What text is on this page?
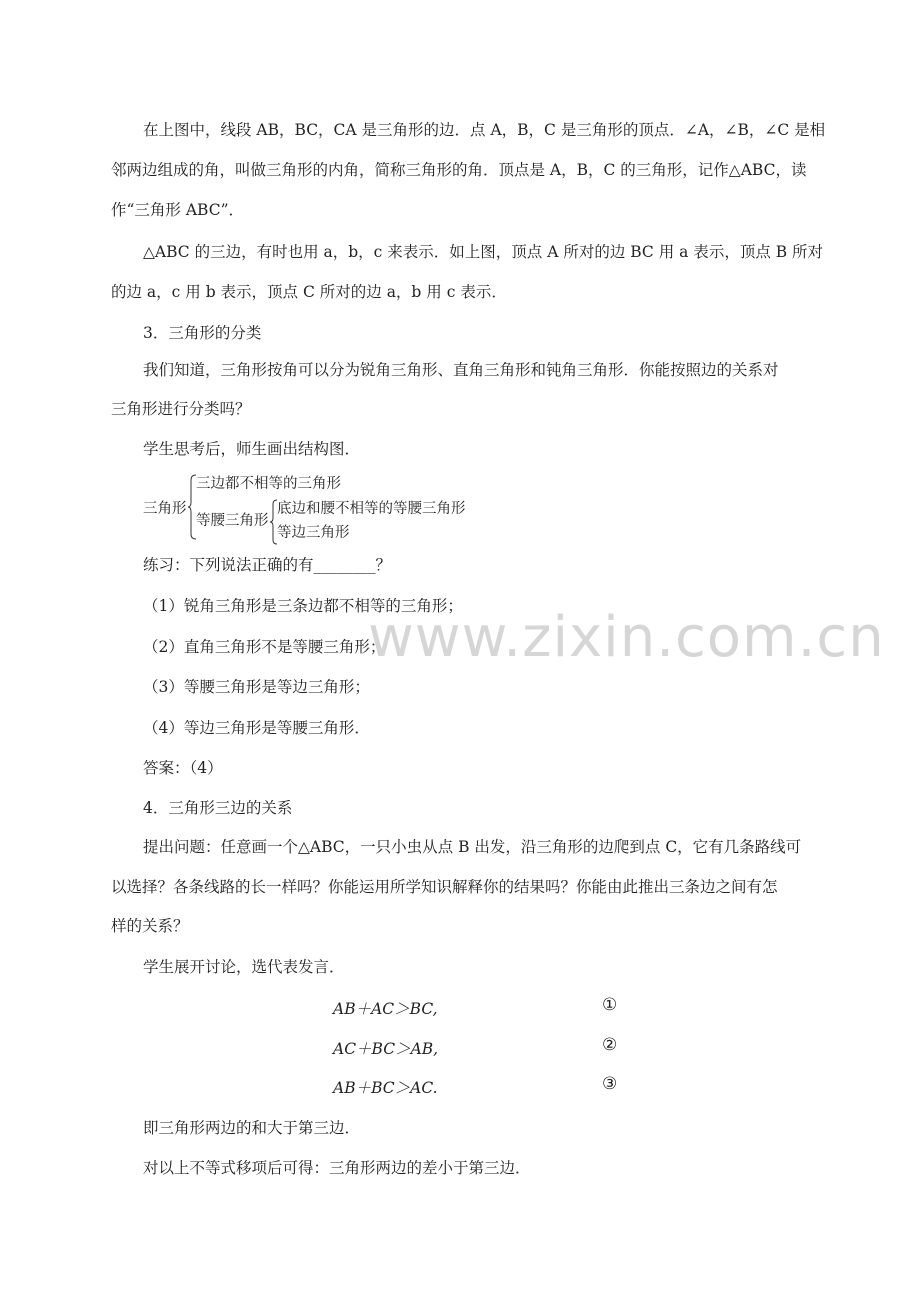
www.zixin.com.cn
在上图中，线段 AB，BC，CA 是三角形的边．点 A，B，C 是三角形的顶点．∠A，∠B，∠C 是相
邻两边组成的角，叫做三角形的内角，简称三角形的角．顶点是 A，B，C 的三角形，记作△ABC，读
作“三角形 ABC”．
△ABC 的三边，有时也用 a，b，c 来表示．如上图，顶点 A 所对的边 BC 用 a 表示，顶点 B 所对
的边 a，c 用 b 表示，顶点 C 所对的边 a，b 用 c 表示．
3．三角形的分类
我们知道，三角形按角可以分为锐角三角形、直角三角形和钝角三角形．你能按照边的关系对
三角形进行分类吗？
学生思考后，师生画出结构图．
三角形
三边都不相等的三角形
等腰三角形
底边和腰不相等的等腰三角形
等边三角形
练习：下列说法正确的有________？
（1）锐角三角形是三条边都不相等的三角形；
（2）直角三角形不是等腰三角形；
（3）等腰三角形是等边三角形；
（4）等边三角形是等腰三角形．
答案：（4）
4．三角形三边的关系
提出问题：任意画一个△ABC，一只小虫从点 B 出发，沿三角形的边爬到点 C，它有几条路线可
以选择？各条线路的长一样吗？你能运用所学知识解释你的结果吗？你能由此推出三条边之间有怎
样的关系？
学生展开讨论，选代表发言．
AB＋AC＞BC,	①
AC＋BC＞AB,	②
AB＋BC＞AC.	③
即三角形两边的和大于第三边．
对以上不等式移项后可得：三角形两边的差小于第三边．
